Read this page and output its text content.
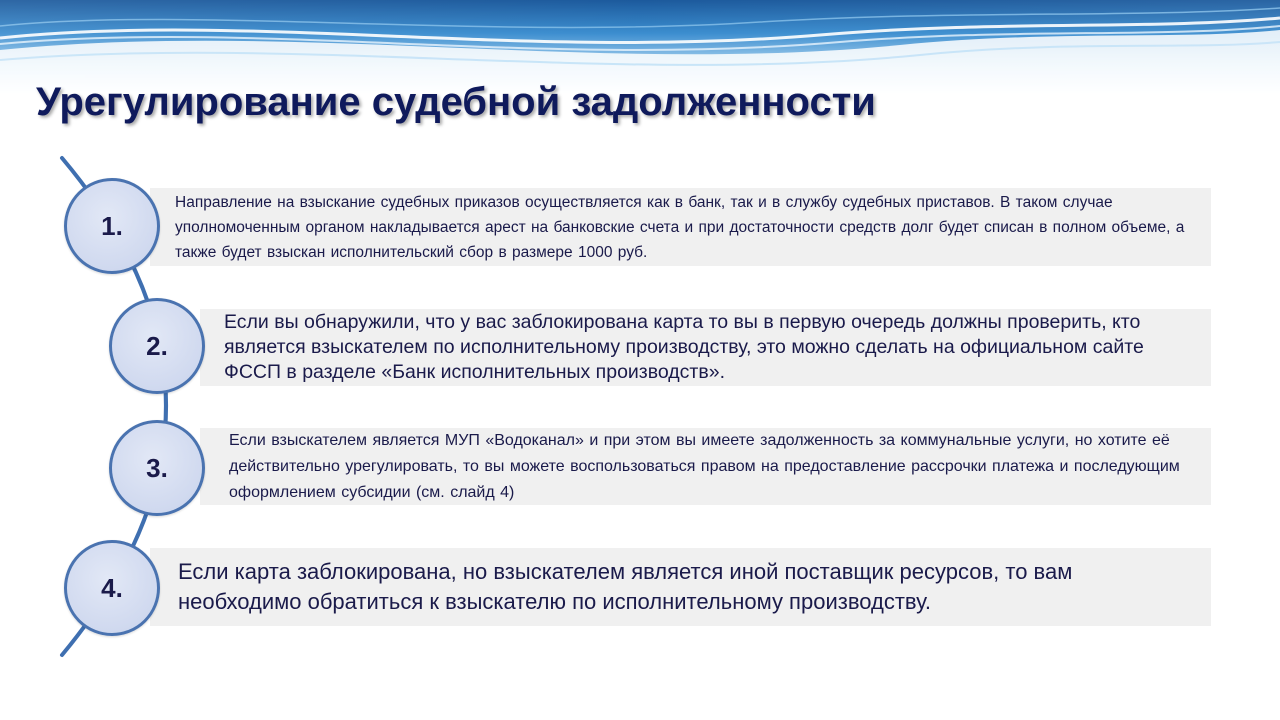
Урегулирование судебной задолженности
Направление на взыскание судебных приказов осуществляется как в банк, так и в службу судебных приставов. В таком случае уполномоченным органом накладывается арест на банковские счета и при достаточности средств долг будет списан в полном объеме, а также будет взыскан исполнительский сбор в размере 1000 руб.
Если вы обнаружили, что у вас заблокирована карта то вы в первую очередь должны проверить, кто является взыскателем по исполнительному производству, это можно сделать на официальном сайте ФССП в разделе «Банк исполнительных производств».
Если взыскателем является МУП «Водоканал» и при этом вы имеете задолженность за коммунальные услуги, но хотите её действительно урегулировать, то вы можете воспользоваться правом на предоставление рассрочки платежа и последующим оформлением субсидии (см. слайд 4)
Если карта заблокирована, но взыскателем является иной поставщик ресурсов, то вам необходимо обратиться к взыскателю по исполнительному производству.
1.
2.
3.
4.
